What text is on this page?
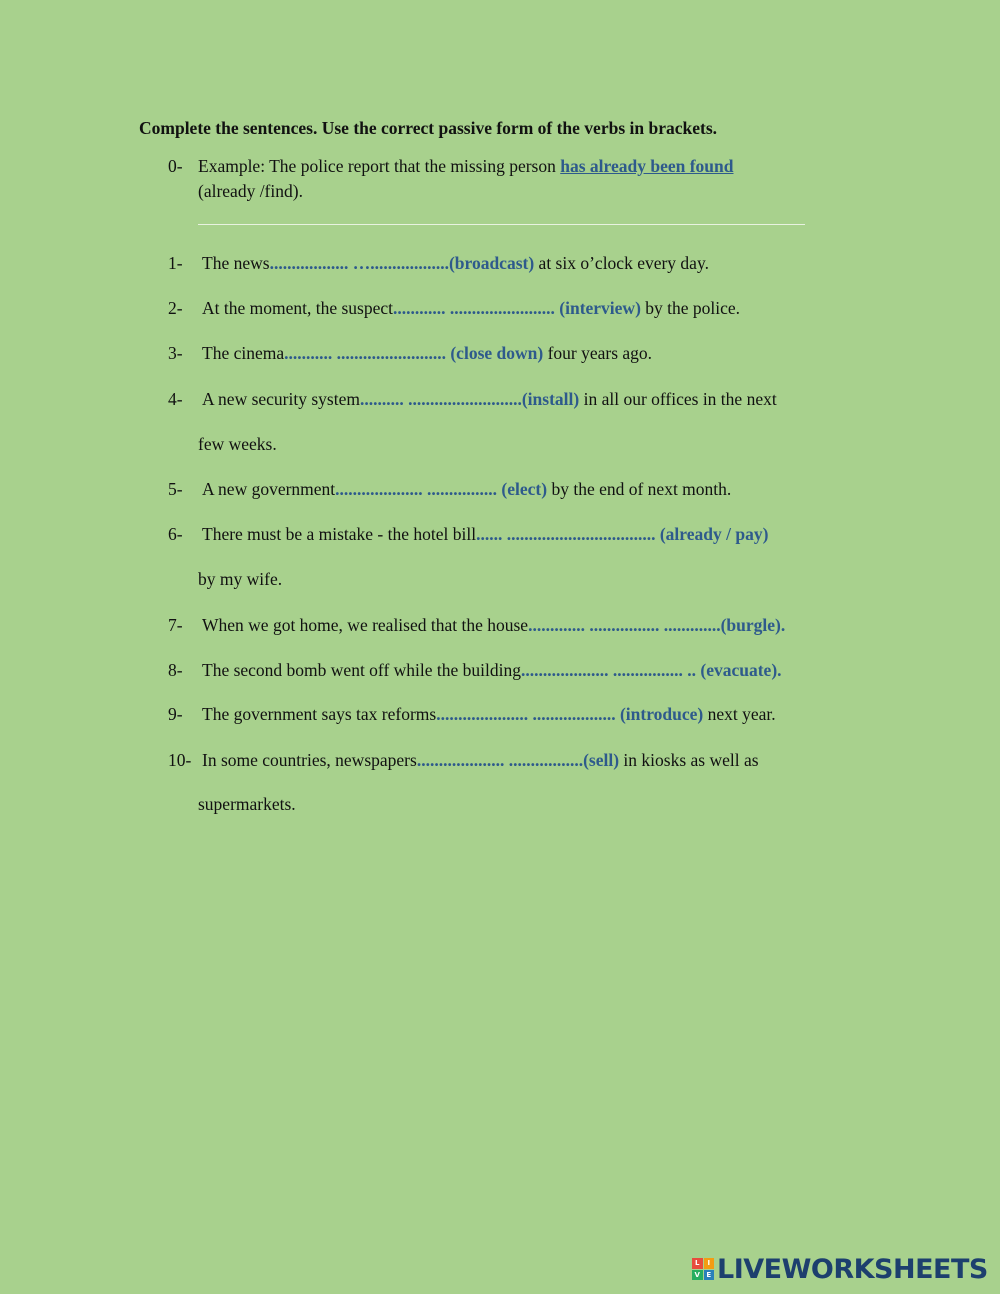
Complete the sentences. Use the correct passive form of the verbs in brackets.
0- Example: The police report that the missing person has already been found
(already /find).
1- The news.................. …..................(broadcast) at six o’clock every day.
2- At the moment, the suspect............ ........................ (interview) by the police.
3- The cinema........... ......................... (close down) four years ago.
4- A new security system.......... ..........................(install) in all our offices in the next
few weeks.
5- A new government.................... ................ (elect) by the end of next month.
6- There must be a mistake - the hotel bill...... .................................. (already / pay)
by my wife.
7- When we got home, we realised that the house............. ................ .............(burgle).
8- The second bomb went off while the building.................... ................ .. (evacuate).
9- The government says tax reforms..................... ................... (introduce) next year.
10- In some countries, newspapers.................... .................(sell) in kiosks as well as
supermarkets.
L	I
V E LIVEWORKSHEETS
